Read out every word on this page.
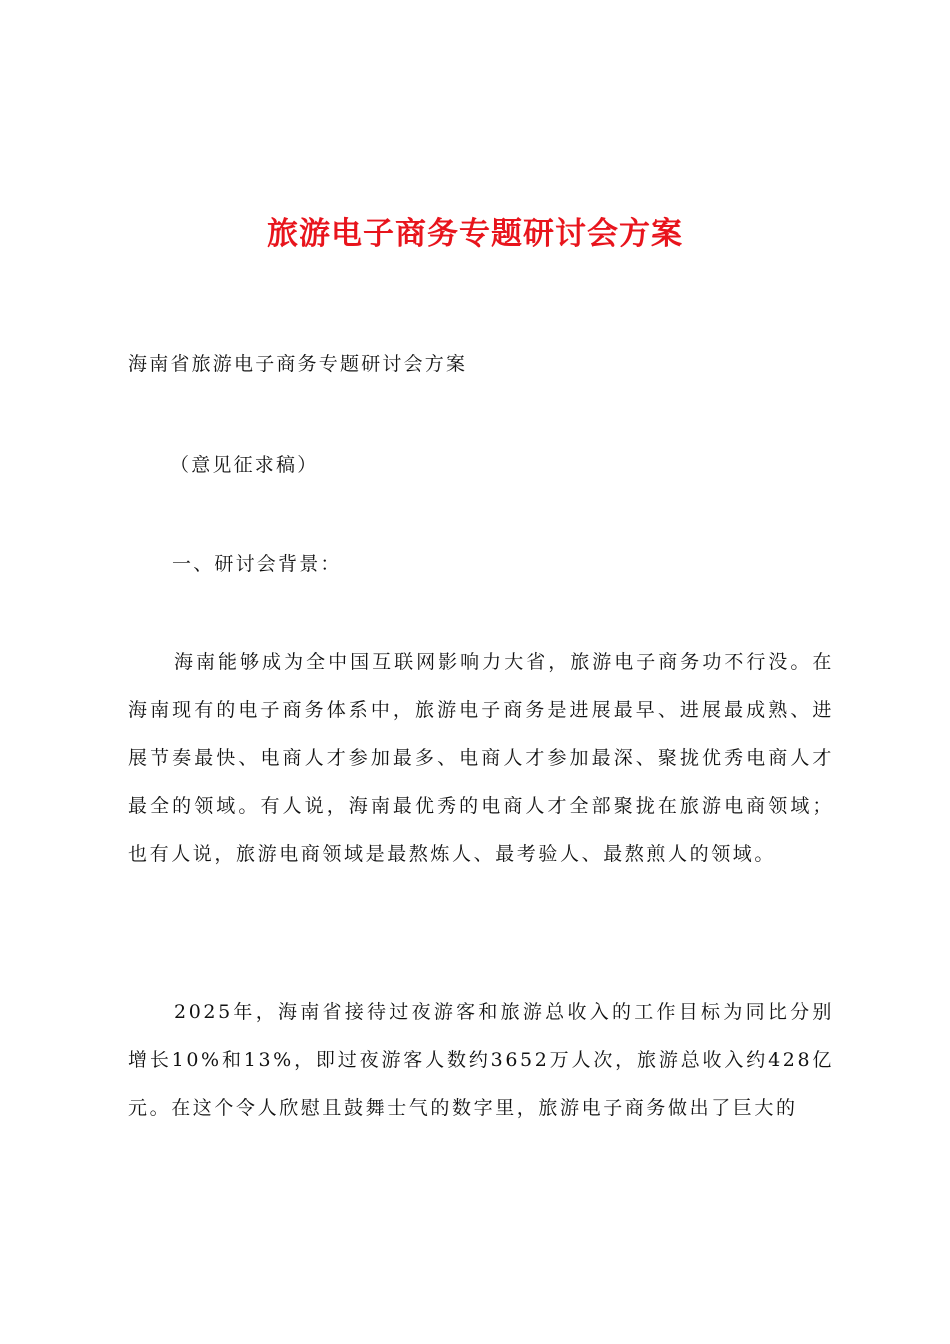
旅游电子商务专题研讨会方案
海南省旅游电子商务专题研讨会方案
（意见征求稿）
一、研讨会背景：
海南能够成为全中国互联网影响力大省，旅游电子商务功不行没。在海南现有的电子商务体系中，旅游电子商务是进展最早、进展最成熟、进展节奏最快、电商人才参加最多、电商人才参加最深、聚拢优秀电商人才最全的领域。有人说，海南最优秀的电商人才全部聚拢在旅游电商领域；也有人说，旅游电商领域是最熬炼人、最考验人、最熬煎人的领域。
2025年，海南省接待过夜游客和旅游总收入的工作目标为同比分别增长10%和13%，即过夜游客人数约3652万人次，旅游总收入约428亿元。在这个令人欣慰且鼓舞士气的数字里，旅游电子商务做出了巨大的
